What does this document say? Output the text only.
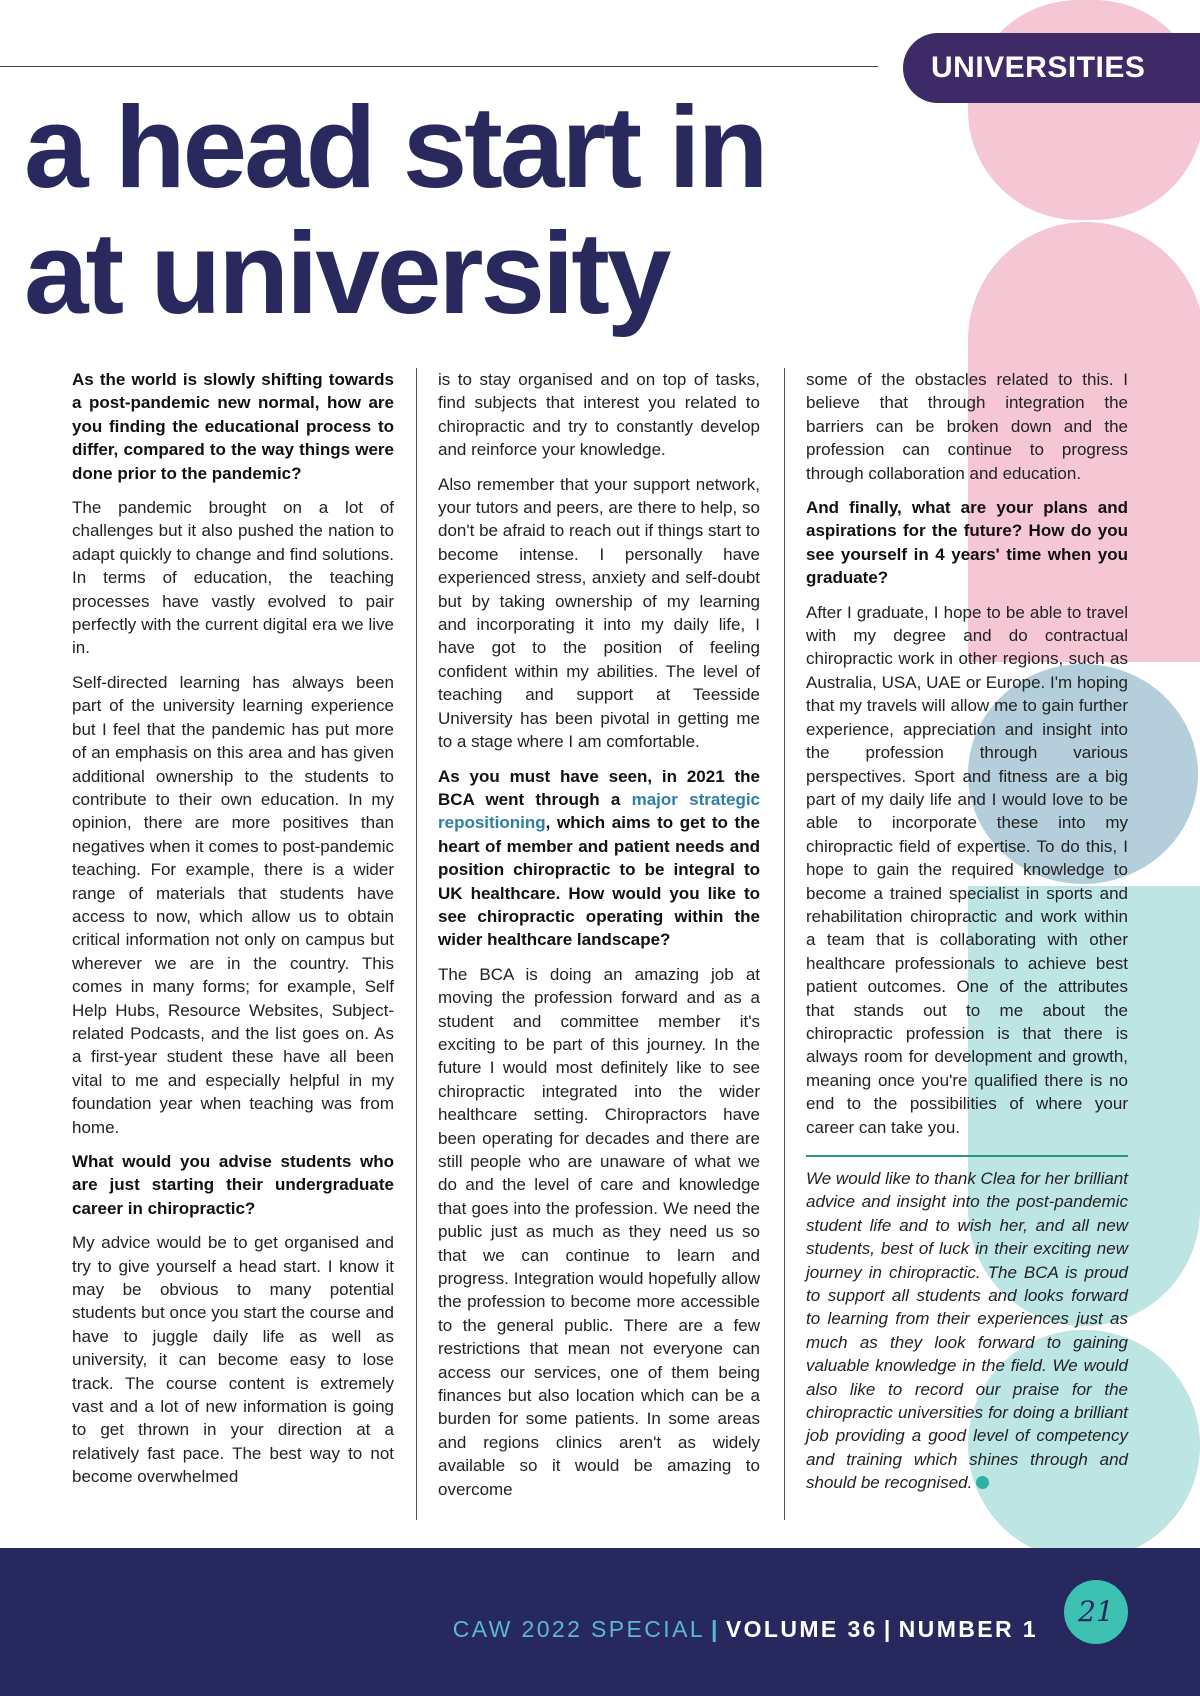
UNIVERSITIES
a head start in
at university

As the world is slowly shifting towards a post-pandemic new normal, how are you finding the educational process to differ, compared to the way things were done prior to the pandemic?

The pandemic brought on a lot of challenges but it also pushed the nation to adapt quickly to change and find solutions. In terms of education, the teaching processes have vastly evolved to pair perfectly with the current digital era we live in.

Self-directed learning has always been part of the university learning experience but I feel that the pandemic has put more of an emphasis on this area and has given additional ownership to the students to contribute to their own education. In my opinion, there are more positives than negatives when it comes to post-pandemic teaching. For example, there is a wider range of materials that students have access to now, which allow us to obtain critical information not only on campus but wherever we are in the country. This comes in many forms; for example, Self Help Hubs, Resource Websites, Subject-related Podcasts, and the list goes on. As a first-year student these have all been vital to me and especially helpful in my foundation year when teaching was from home.

What would you advise students who are just starting their undergraduate career in chiropractic?

My advice would be to get organised and try to give yourself a head start. I know it may be obvious to many potential students but once you start the course and have to juggle daily life as well as university, it can become easy to lose track. The course content is extremely vast and a lot of new information is going to get thrown in your direction at a relatively fast pace. The best way to not become overwhelmed

is to stay organised and on top of tasks, find subjects that interest you related to chiropractic and try to constantly develop and reinforce your knowledge.

Also remember that your support network, your tutors and peers, are there to help, so don't be afraid to reach out if things start to become intense. I personally have experienced stress, anxiety and self-doubt but by taking ownership of my learning and incorporating it into my daily life, I have got to the position of feeling confident within my abilities. The level of teaching and support at Teesside University has been pivotal in getting me to a stage where I am comfortable.

As you must have seen, in 2021 the BCA went through a major strategic repositioning, which aims to get to the heart of member and patient needs and position chiropractic to be integral to UK healthcare. How would you like to see chiropractic operating within the wider healthcare landscape?

The BCA is doing an amazing job at moving the profession forward and as a student and committee member it's exciting to be part of this journey. In the future I would most definitely like to see chiropractic integrated into the wider healthcare setting. Chiropractors have been operating for decades and there are still people who are unaware of what we do and the level of care and knowledge that goes into the profession. We need the public just as much as they need us so that we can continue to learn and progress. Integration would hopefully allow the profession to become more accessible to the general public. There are a few restrictions that mean not everyone can access our services, one of them being finances but also location which can be a burden for some patients. In some areas and regions clinics aren't as widely available so it would be amazing to overcome

some of the obstacles related to this. I believe that through integration the barriers can be broken down and the profession can continue to progress through collaboration and education.

And finally, what are your plans and aspirations for the future? How do you see yourself in 4 years' time when you graduate?

After I graduate, I hope to be able to travel with my degree and do contractual chiropractic work in other regions, such as Australia, USA, UAE or Europe. I'm hoping that my travels will allow me to gain further experience, appreciation and insight into the profession through various perspectives. Sport and fitness are a big part of my daily life and I would love to be able to incorporate these into my chiropractic field of expertise. To do this, I hope to gain the required knowledge to become a trained specialist in sports and rehabilitation chiropractic and work within a team that is collaborating with other healthcare professionals to achieve best patient outcomes. One of the attributes that stands out to me about the chiropractic profession is that there is always room for development and growth, meaning once you're qualified there is no end to the possibilities of where your career can take you.

We would like to thank Clea for her brilliant advice and insight into the post-pandemic student life and to wish her, and all new students, best of luck in their exciting new journey in chiropractic. The BCA is proud to support all students and looks forward to learning from their experiences just as much as they look forward to gaining valuable knowledge in the field. We would also like to record our praise for the chiropractic universities for doing a brilliant job providing a good level of competency and training which shines through and should be recognised.

CAW 2022 SPECIAL | VOLUME 36 | NUMBER 1
21
